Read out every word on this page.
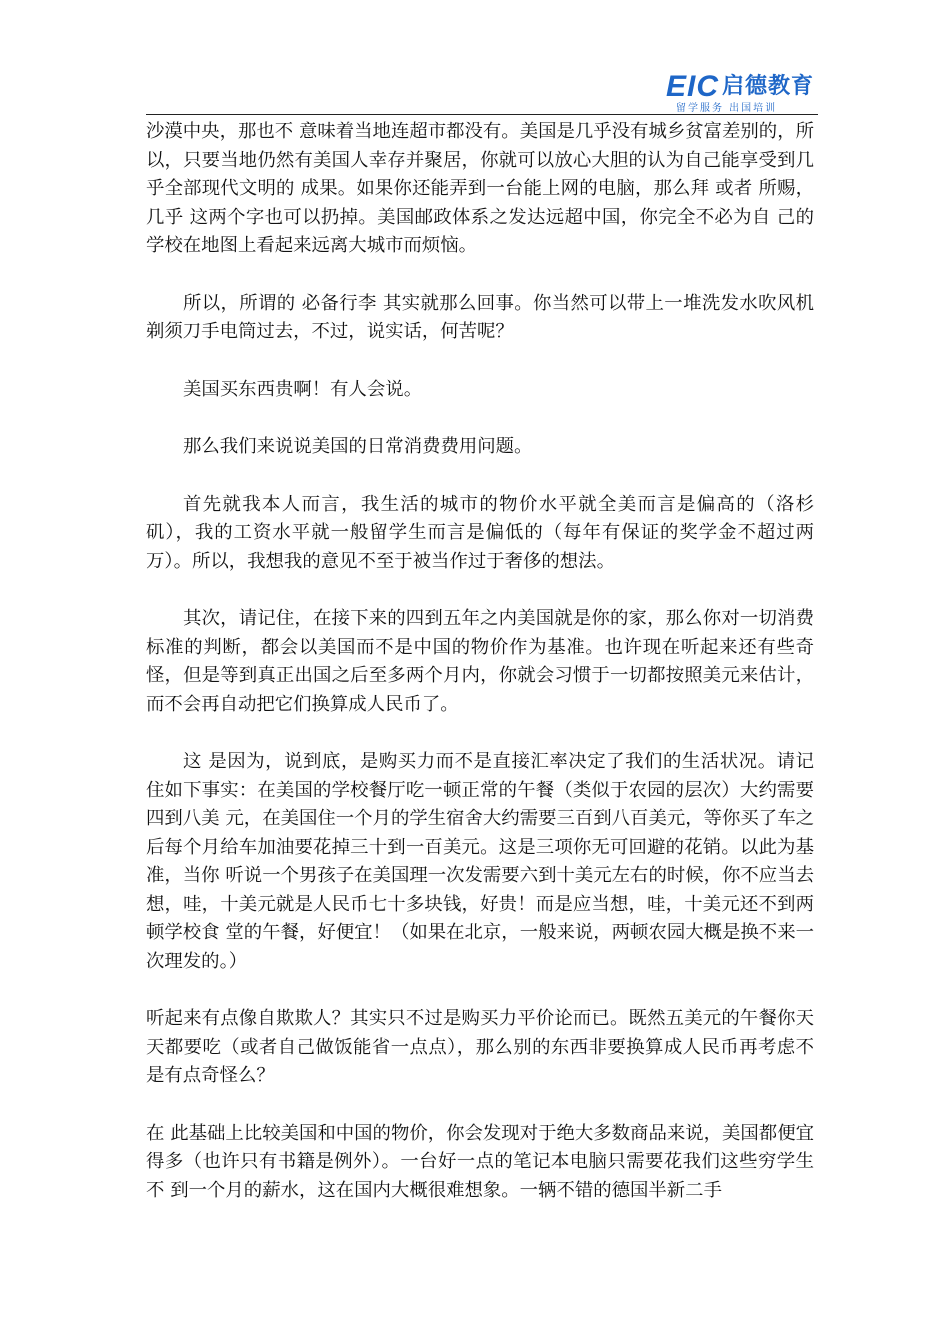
EIC 启德教育
留学服务 出国培训

沙漠中央，那也不 意味着当地连超市都没有。美国是几乎没有城乡贫富差别的，所以，只要当地仍然有美国人幸存并聚居，你就可以放心大胆的认为自己能享受到几乎全部现代文明的 成果。如果你还能弄到一台能上网的电脑，那么拜 或者 所赐， 几乎 这两个字也可以扔掉。美国邮政体系之发达远超中国，你完全不必为自 己的学校在地图上看起来远离大城市而烦恼。

所以，所谓的 必备行李 其实就那么回事。你当然可以带上一堆洗发水吹风机剃须刀手电筒过去，不过，说实话，何苦呢？

美国买东西贵啊！有人会说。

那么我们来说说美国的日常消费费用问题。

首先就我本人而言，我生活的城市的物价水平就全美而言是偏高的（洛杉矶），我的工资水平就一般留学生而言是偏低的（每年有保证的奖学金不超过两万）。所以，我想我的意见不至于被当作过于奢侈的想法。

其次，请记住，在接下来的四到五年之内美国就是你的家，那么你对一切消费标准的判断，都会以美国而不是中国的物价作为基准。也许现在听起来还有些奇怪，但是等到真正出国之后至多两个月内，你就会习惯于一切都按照美元来估计，而不会再自动把它们换算成人民币了。

这 是因为，说到底，是购买力而不是直接汇率决定了我们的生活状况。请记住如下事实：在美国的学校餐厅吃一顿正常的午餐（类似于农园的层次）大约需要四到八美 元，在美国住一个月的学生宿舍大约需要三百到八百美元，等你买了车之后每个月给车加油要花掉三十到一百美元。这是三项你无可回避的花销。以此为基准，当你 听说一个男孩子在美国理一次发需要六到十美元左右的时候，你不应当去想，哇，十美元就是人民币七十多块钱，好贵！而是应当想，哇，十美元还不到两顿学校食 堂的午餐，好便宜！（如果在北京，一般来说，两顿农园大概是换不来一次理发的。）

听起来有点像自欺欺人？其实只不过是购买力平价论而已。既然五美元的午餐你天天都要吃（或者自己做饭能省一点点），那么别的东西非要换算成人民币再考虑不是有点奇怪么？

在 此基础上比较美国和中国的物价，你会发现对于绝大多数商品来说，美国都便宜得多（也许只有书籍是例外）。一台好一点的笔记本电脑只需要花我们这些穷学生不 到一个月的薪水，这在国内大概很难想象。一辆不错的德国半新二手
